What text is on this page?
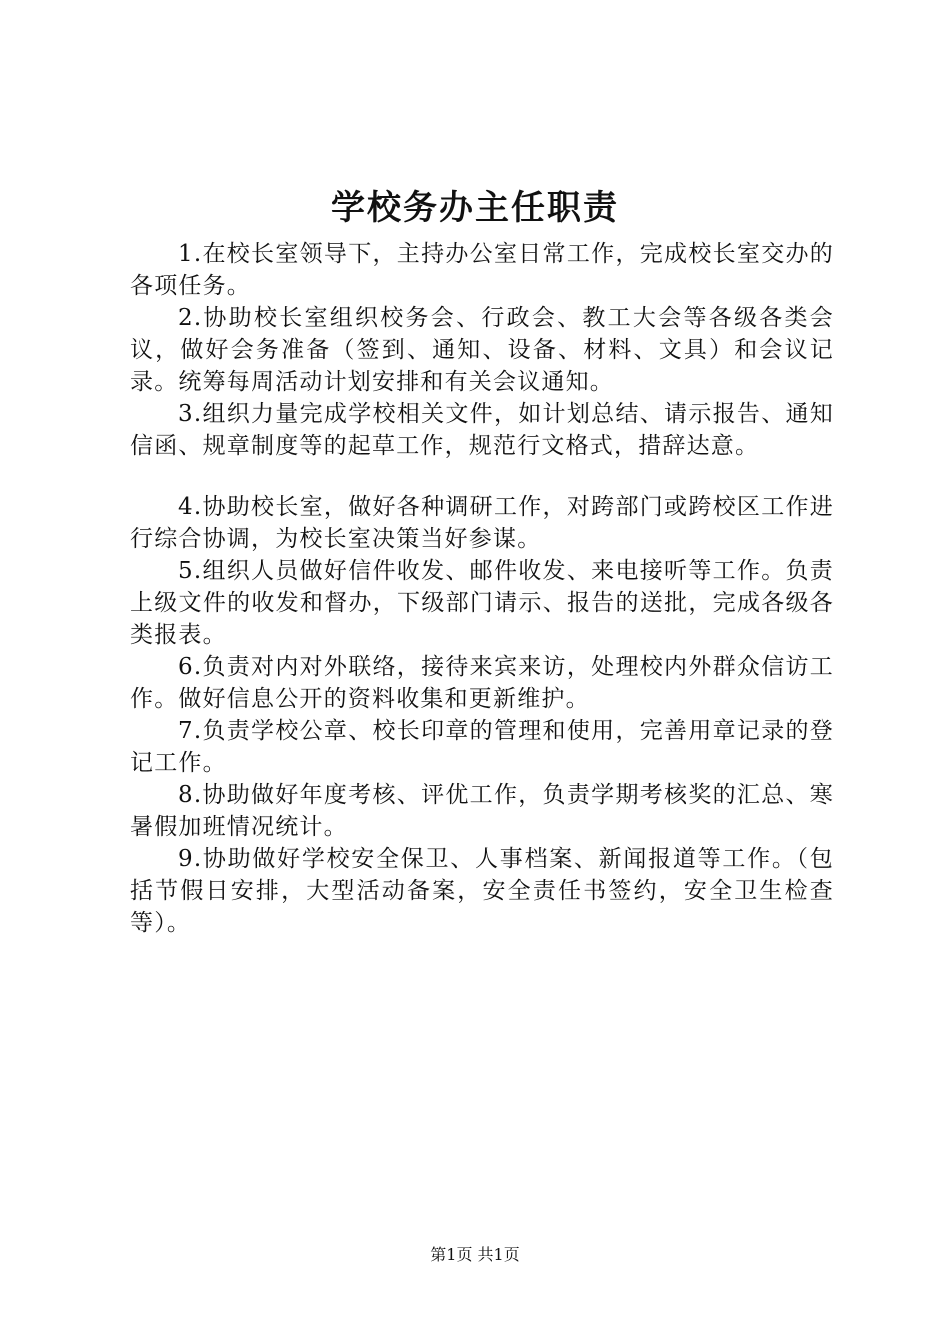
学校务办主任职责

1.在校长室领导下，主持办公室日常工作，完成校长室交办的各项任务。

2.协助校长室组织校务会、行政会、教工大会等各级各类会议，做好会务准备（签到、通知、设备、材料、文具）和会议记录。统筹每周活动计划安排和有关会议通知。

3.组织力量完成学校相关文件，如计划总结、请示报告、通知信函、规章制度等的起草工作，规范行文格式，措辞达意。

4.协助校长室，做好各种调研工作，对跨部门或跨校区工作进行综合协调，为校长室决策当好参谋。

5.组织人员做好信件收发、邮件收发、来电接听等工作。负责上级文件的收发和督办，下级部门请示、报告的送批，完成各级各类报表。

6.负责对内对外联络，接待来宾来访，处理校内外群众信访工作。做好信息公开的资料收集和更新维护。

7.负责学校公章、校长印章的管理和使用，完善用章记录的登记工作。

8.协助做好年度考核、评优工作，负责学期考核奖的汇总、寒暑假加班情况统计。

9.协助做好学校安全保卫、人事档案、新闻报道等工作。（包括节假日安排，大型活动备案，安全责任书签约，安全卫生检查等）。

第1页 共1页
